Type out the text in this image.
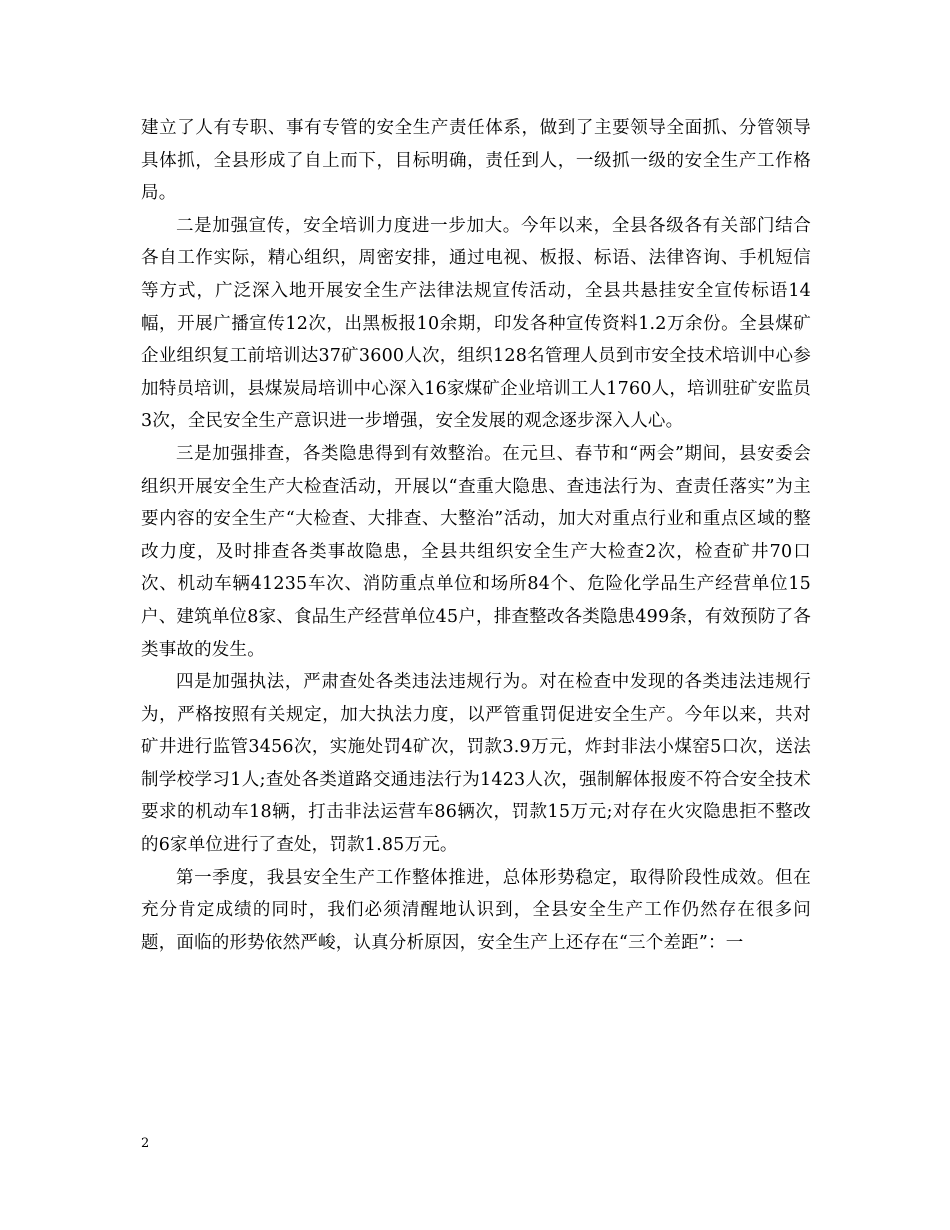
建立了人有专职、事有专管的安全生产责任体系，做到了主要领导全面抓、分管领导具体抓，全县形成了自上而下，目标明确，责任到人，一级抓一级的安全生产工作格局。

二是加强宣传，安全培训力度进一步加大。今年以来，全县各级各有关部门结合各自工作实际，精心组织，周密安排，通过电视、板报、标语、法律咨询、手机短信等方式，广泛深入地开展安全生产法律法规宣传活动，全县共悬挂安全宣传标语14幅，开展广播宣传12次，出黑板报10余期，印发各种宣传资料1.2万余份。全县煤矿企业组织复工前培训达37矿3600人次，组织128名管理人员到市安全技术培训中心参加特员培训，县煤炭局培训中心深入16家煤矿企业培训工人1760人，培训驻矿安监员3次，全民安全生产意识进一步增强，安全发展的观念逐步深入人心。

三是加强排查，各类隐患得到有效整治。在元旦、春节和“两会”期间，县安委会组织开展安全生产大检查活动，开展以“查重大隐患、查违法行为、查责任落实”为主要内容的安全生产“大检查、大排查、大整治”活动，加大对重点行业和重点区域的整改力度，及时排查各类事故隐患，全县共组织安全生产大检查2次，检查矿井70口次、机动车辆41235车次、消防重点单位和场所84个、危险化学品生产经营单位15户、建筑单位8家、食品生产经营单位45户，排查整改各类隐患499条，有效预防了各类事故的发生。

四是加强执法，严肃查处各类违法违规行为。对在检查中发现的各类违法违规行为，严格按照有关规定，加大执法力度，以严管重罚促进安全生产。今年以来，共对矿井进行监管3456次，实施处罚4矿次，罚款3.9万元，炸封非法小煤窑5口次，送法制学校学习1人;查处各类道路交通违法行为1423人次，强制解体报废不符合安全技术要求的机动车18辆，打击非法运营车86辆次，罚款15万元;对存在火灾隐患拒不整改的6家单位进行了查处，罚款1.85万元。

第一季度，我县安全生产工作整体推进，总体形势稳定，取得阶段性成效。但在充分肯定成绩的同时，我们必须清醒地认识到，全县安全生产工作仍然存在很多问题，面临的形势依然严峻，认真分析原因，安全生产上还存在“三个差距”：一

2
